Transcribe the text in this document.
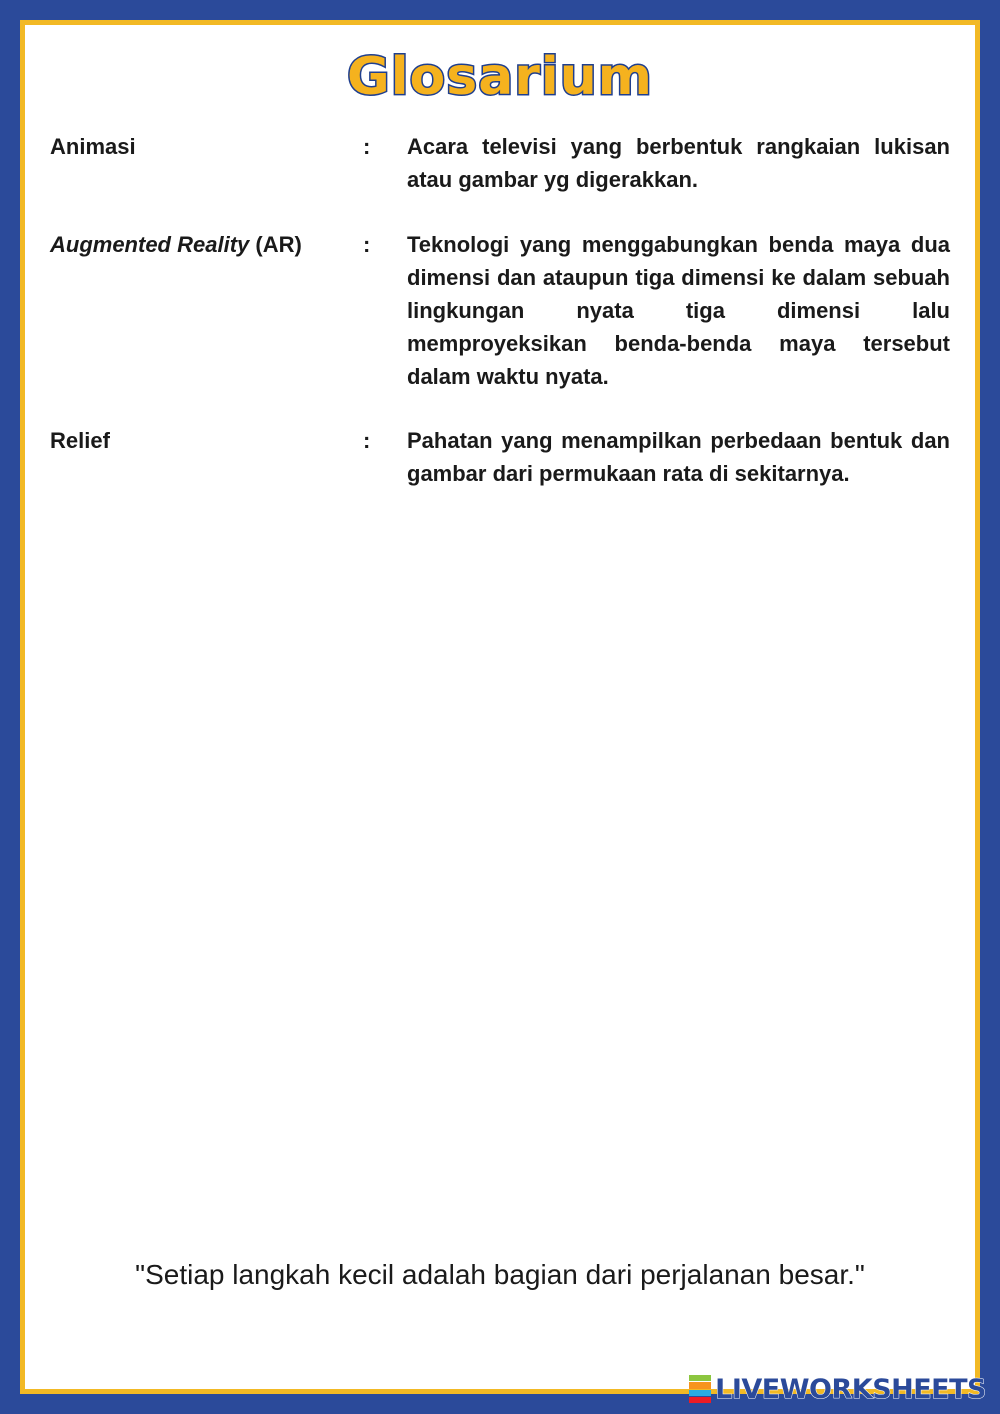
Glosarium
Animasi	:	Acara televisi yang berbentuk rangkaian lukisan atau gambar yg digerakkan.
Augmented Reality (AR)	:	Teknologi yang menggabungkan benda maya dua dimensi dan ataupun tiga dimensi ke dalam sebuah lingkungan nyata tiga dimensi lalu memproyeksikan benda-benda maya tersebut dalam waktu nyata.
Relief	:	Pahatan yang menampilkan perbedaan bentuk dan gambar dari permukaan rata di sekitarnya.
"Setiap langkah kecil adalah bagian dari perjalanan besar."
LIVEWORKSHEETS
